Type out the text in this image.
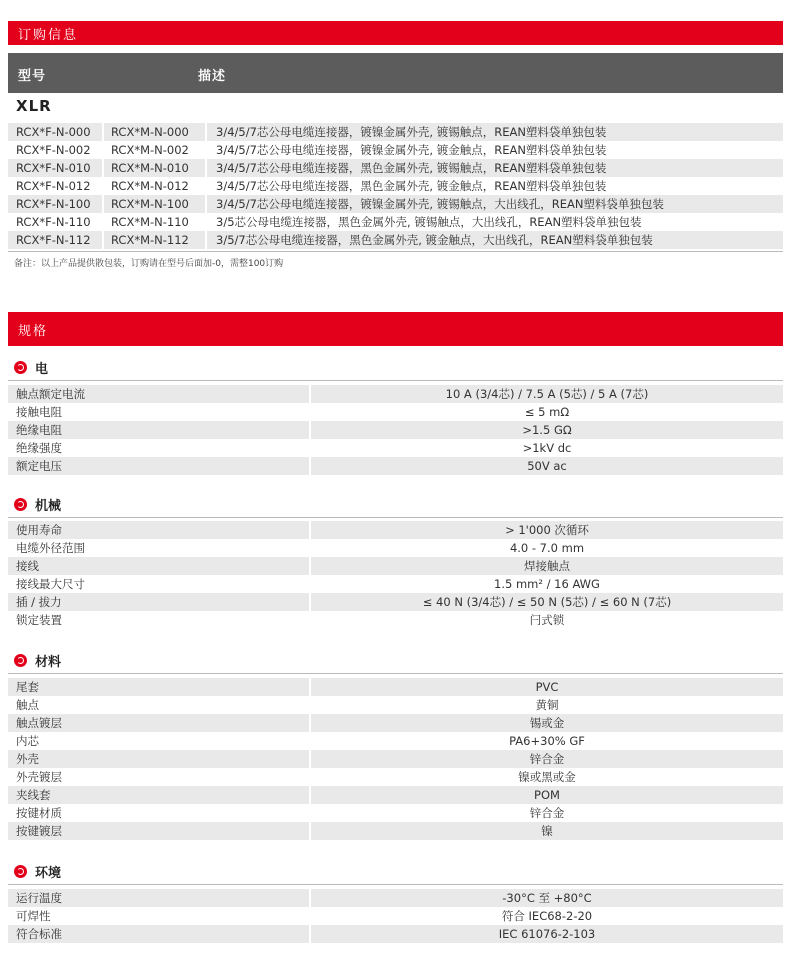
订购信息
型号	描述
XLR
RCX*F-N-000	RCX*M-N-000	3/4/5/7芯公母电缆连接器，镀镍金属外壳, 镀锡触点，REAN塑料袋单独包装
RCX*F-N-002	RCX*M-N-002	3/4/5/7芯公母电缆连接器，镀镍金属外壳, 镀金触点，REAN塑料袋单独包装
RCX*F-N-010	RCX*M-N-010	3/4/5/7芯公母电缆连接器，黑色金属外壳, 镀锡触点，REAN塑料袋单独包装
RCX*F-N-012	RCX*M-N-012	3/4/5/7芯公母电缆连接器，黑色金属外壳, 镀金触点，REAN塑料袋单独包装
RCX*F-N-100	RCX*M-N-100	3/4/5/7芯公母电缆连接器，镀镍金属外壳, 镀锡触点，大出线孔，REAN塑料袋单独包装
RCX*F-N-110	RCX*M-N-110	3/5芯公母电缆连接器，黑色金属外壳, 镀锡触点，大出线孔，REAN塑料袋单独包装
RCX*F-N-112	RCX*M-N-112	3/5/7芯公母电缆连接器，黑色金属外壳, 镀金触点，大出线孔，REAN塑料袋单独包装
备注：以上产品提供散包装，订购请在型号后面加-0，需整100订购
规格
电
触点额定电流	10 A (3/4芯) / 7.5 A (5芯) / 5 A (7芯)
接触电阻	≤ 5 mΩ
绝缘电阻	>1.5 GΩ
绝缘强度	>1kV dc
额定电压	50V ac
机械
使用寿命	> 1'000 次循环
电缆外径范围	4.0 - 7.0 mm
接线	焊接触点
接线最大尺寸	1.5 mm² / 16 AWG
插 / 拔力	≤ 40 N (3/4芯) / ≤ 50 N (5芯) / ≤ 60 N (7芯)
锁定装置	闩式锁
材料
尾套	PVC
触点	黄铜
触点镀层	锡或金
内芯	PA6+30% GF
外壳	锌合金
外壳镀层	镍或黑或金
夹线套	POM
按键材质	锌合金
按键镀层	镍
环境
运行温度	-30°C 至 +80°C
可焊性	符合 IEC68-2-20
符合标准	IEC 61076-2-103
